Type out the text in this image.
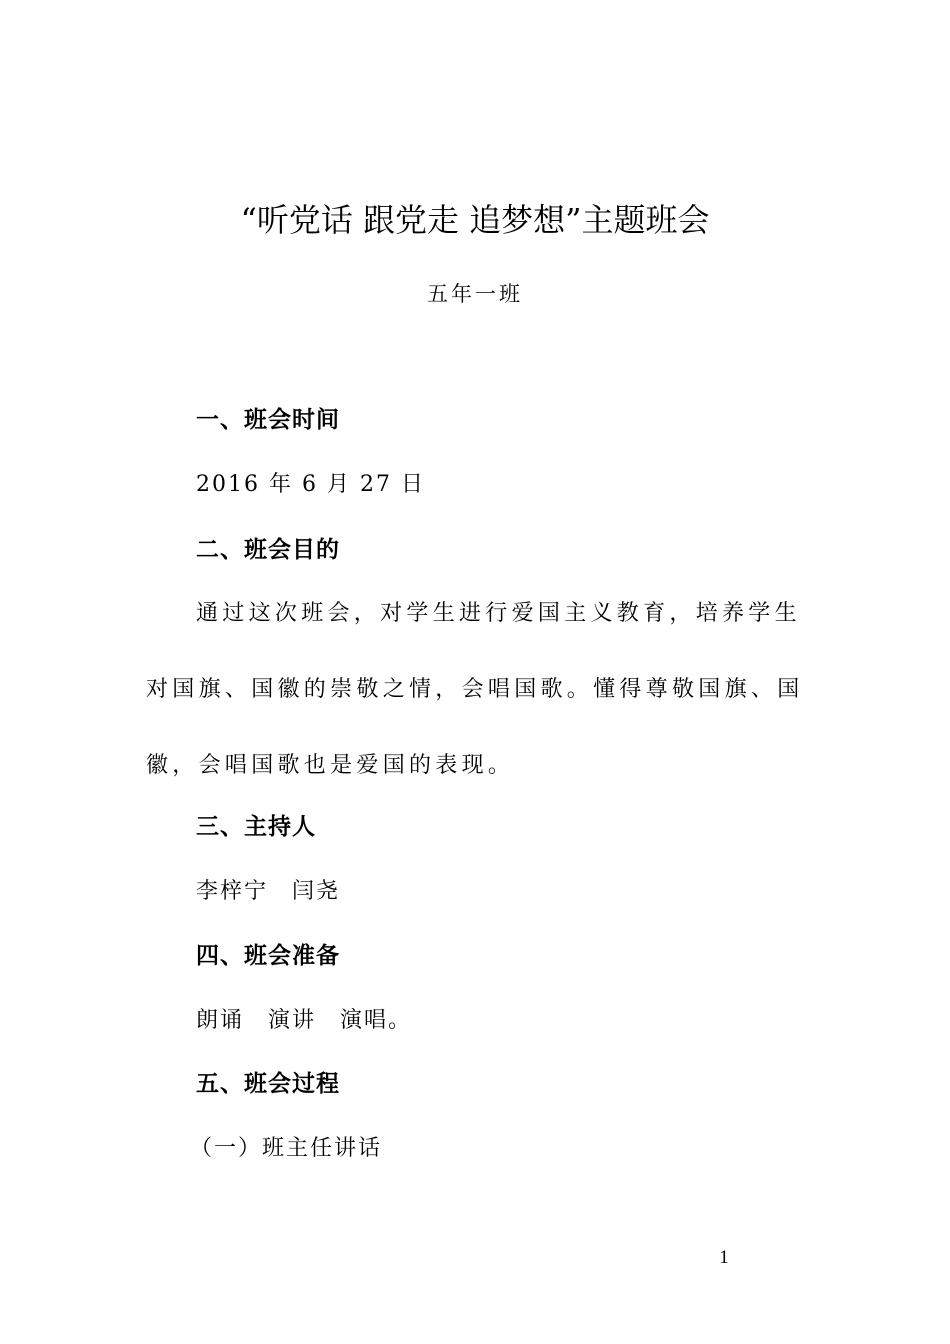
“听党话 跟党走 追梦想”主题班会
五年一班
一、班会时间
2016 年 6 月 27 日
二、班会目的
通过这次班会，对学生进行爱国主义教育，培养学生
对国旗、国徽的崇敬之情，会唱国歌。懂得尊敬国旗、国
徽，会唱国歌也是爱国的表现。
三、主持人
李梓宁　闫尧
四、班会准备
朗诵　演讲　演唱。
五、班会过程
（一）班主任讲话
1
